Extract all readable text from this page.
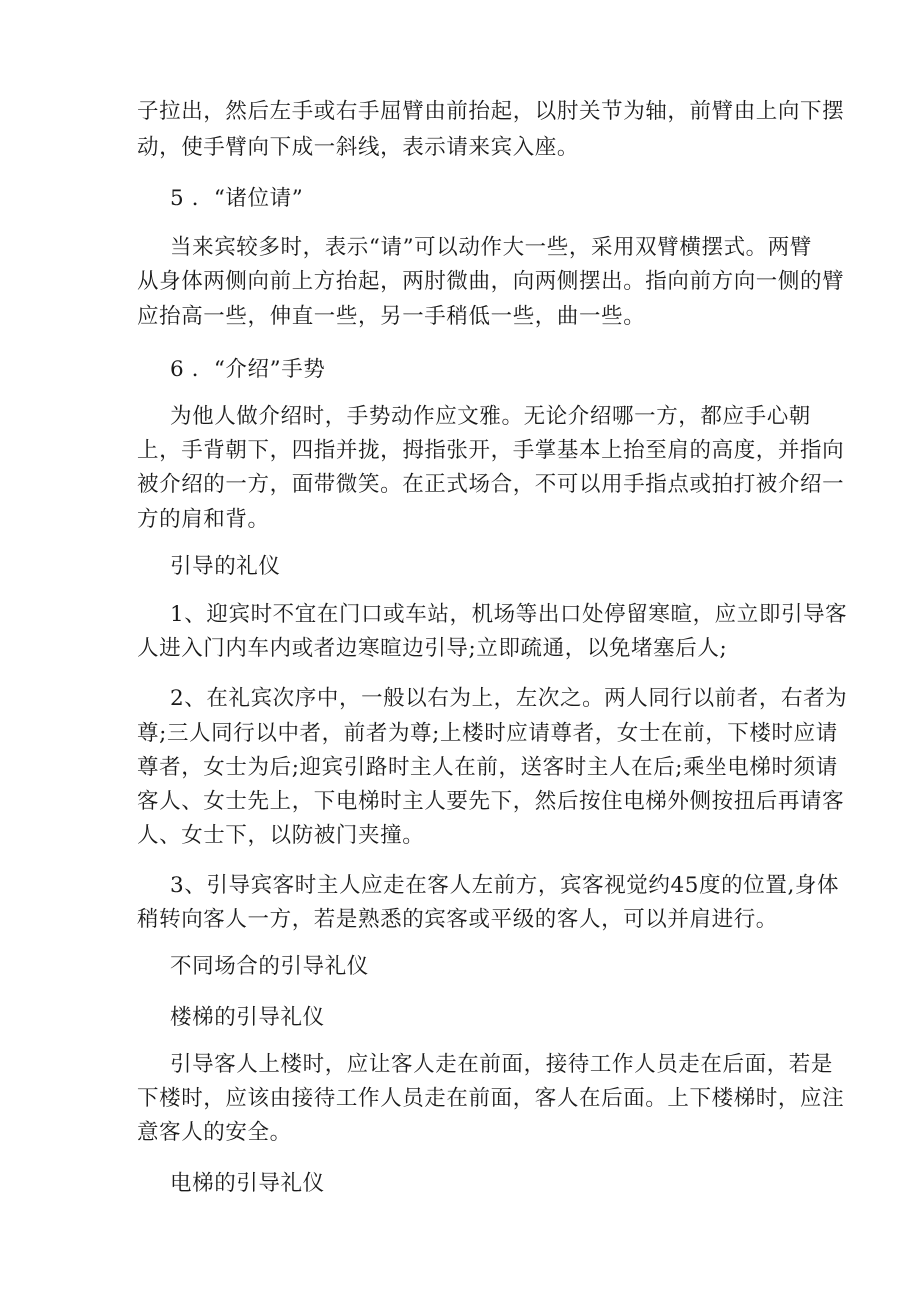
子拉出，然后左手或右手屈臂由前抬起，以肘关节为轴，前臂由上向下摆
动，使手臂向下成一斜线，表示请来宾入座。
5 ．“诸位请”
当来宾较多时，表示“请”可以动作大一些，采用双臂横摆式。两臂
从身体两侧向前上方抬起，两肘微曲，向两侧摆出。指向前方向一侧的臂
应抬高一些，伸直一些，另一手稍低一些，曲一些。
6 ．“介绍”手势
为他人做介绍时，手势动作应文雅。无论介绍哪一方，都应手心朝
上，手背朝下，四指并拢，拇指张开，手掌基本上抬至肩的高度，并指向
被介绍的一方，面带微笑。在正式场合，不可以用手指点或拍打被介绍一
方的肩和背。
引导的礼仪
1、迎宾时不宜在门口或车站，机场等出口处停留寒暄，应立即引导客
人进入门内车内或者边寒暄边引导;立即疏通，以免堵塞后人;
2、在礼宾次序中，一般以右为上，左次之。两人同行以前者，右者为
尊;三人同行以中者，前者为尊;上楼时应请尊者，女士在前，下楼时应请
尊者，女士为后;迎宾引路时主人在前，送客时主人在后;乘坐电梯时须请
客人、女士先上，下电梯时主人要先下，然后按住电梯外侧按扭后再请客
人、女士下，以防被门夹撞。
3、引导宾客时主人应走在客人左前方，宾客视觉约45度的位置,身体
稍转向客人一方，若是熟悉的宾客或平级的客人，可以并肩进行。
不同场合的引导礼仪
楼梯的引导礼仪
引导客人上楼时，应让客人走在前面，接待工作人员走在后面，若是
下楼时，应该由接待工作人员走在前面，客人在后面。上下楼梯时，应注
意客人的安全。
电梯的引导礼仪
